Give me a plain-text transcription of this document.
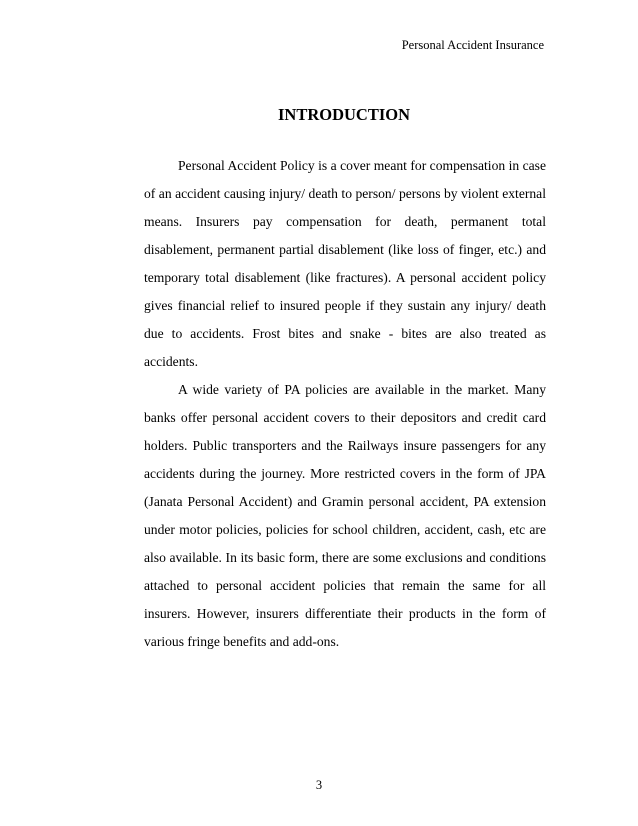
Personal Accident Insurance
INTRODUCTION

Personal Accident Policy is a cover meant for compensation in case of an accident causing injury/ death to person/ persons by violent external means. Insurers pay compensation for death, permanent total disablement, permanent partial disablement (like loss of finger, etc.) and temporary total disablement (like fractures). A personal accident policy gives financial relief to insured people if they sustain any injury/ death due to accidents. Frost bites and snake - bites are also treated as accidents.

A wide variety of PA policies are available in the market. Many banks offer personal accident covers to their depositors and credit card holders. Public transporters and the Railways insure passengers for any accidents during the journey. More restricted covers in the form of JPA (Janata Personal Accident) and Gramin personal accident, PA extension under motor policies, policies for school children, accident, cash, etc are also available. In its basic form, there are some exclusions and conditions attached to personal accident policies that remain the same for all insurers. However, insurers differentiate their products in the form of various fringe benefits and add-ons.

3
